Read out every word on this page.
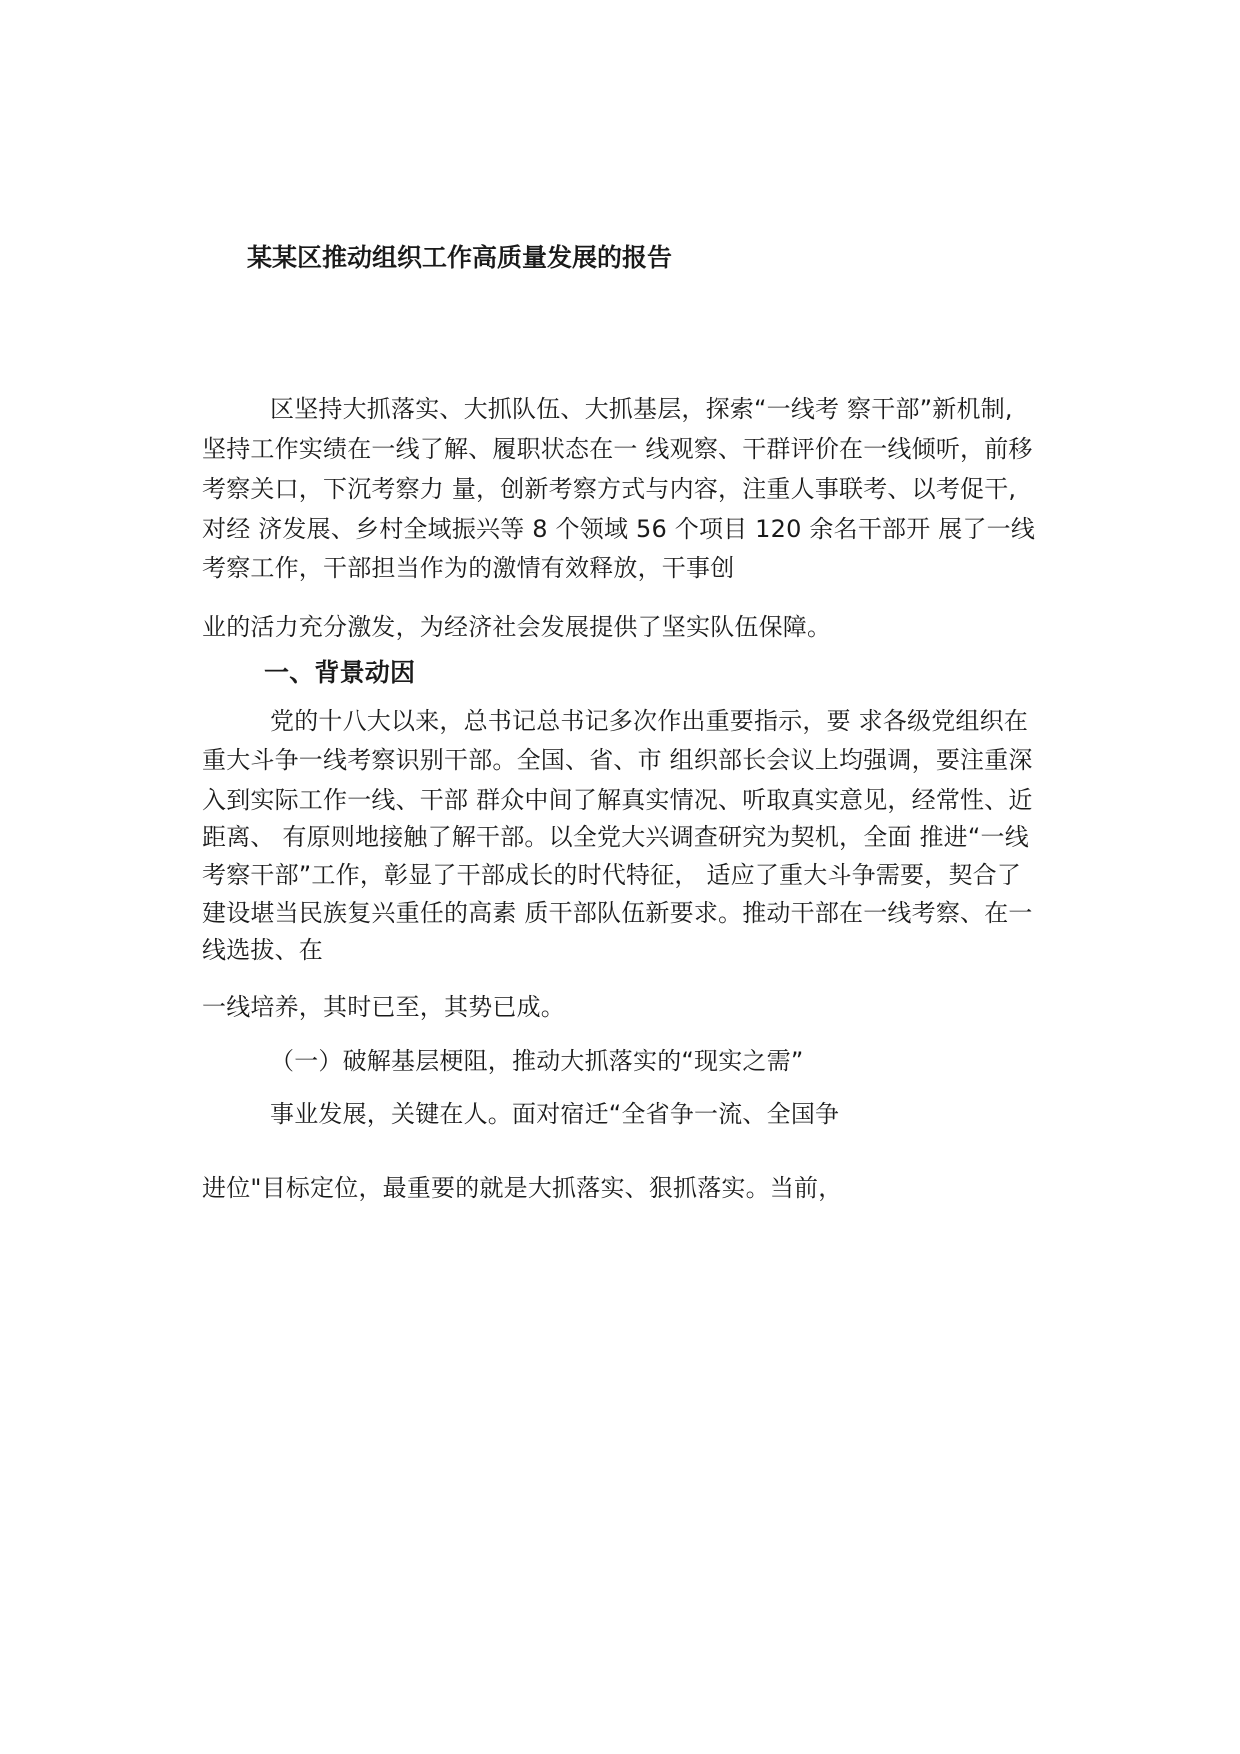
某某区推动组织工作高质量发展的报告
区坚持大抓落实、大抓队伍、大抓基层，探索“一线考 察干部”新机制,
坚持工作实绩在一线了解、履职状态在一 线观察、干群评价在一线倾听，前移
考察关口，下沉考察力 量，创新考察方式与内容，注重人事联考、以考促干,
对经 济发展、乡村全域振兴等 8 个领域 56 个项目 120 余名干部开 展了一线
考察工作，干部担当作为的激情有效释放，干事创
业的活力充分激发，为经济社会发展提供了坚实队伍保障。
一、背景动因
党的十八大以来，总书记总书记多次作出重要指示，要 求各级党组织在
重大斗争一线考察识别干部。全国、省、市 组织部长会议上均强调，要注重深
入到实际工作一线、干部 群众中间了解真实情况、听取真实意见，经常性、近
距离、 有原则地接触了解干部。以全党大兴调查研究为契机，全面 推进“一线
考察干部”工作，彰显了干部成长的时代特征， 适应了重大斗争需要，契合了
建设堪当民族复兴重任的高素 质干部队伍新要求。推动干部在一线考察、在一
线选拔、在
一线培养，其时已至，其势已成。
（一）破解基层梗阻，推动大抓落实的“现实之需”
事业发展，关键在人。面对宿迁“全省争一流、全国争
进位"目标定位，最重要的就是大抓落实、狠抓落实。当前，
